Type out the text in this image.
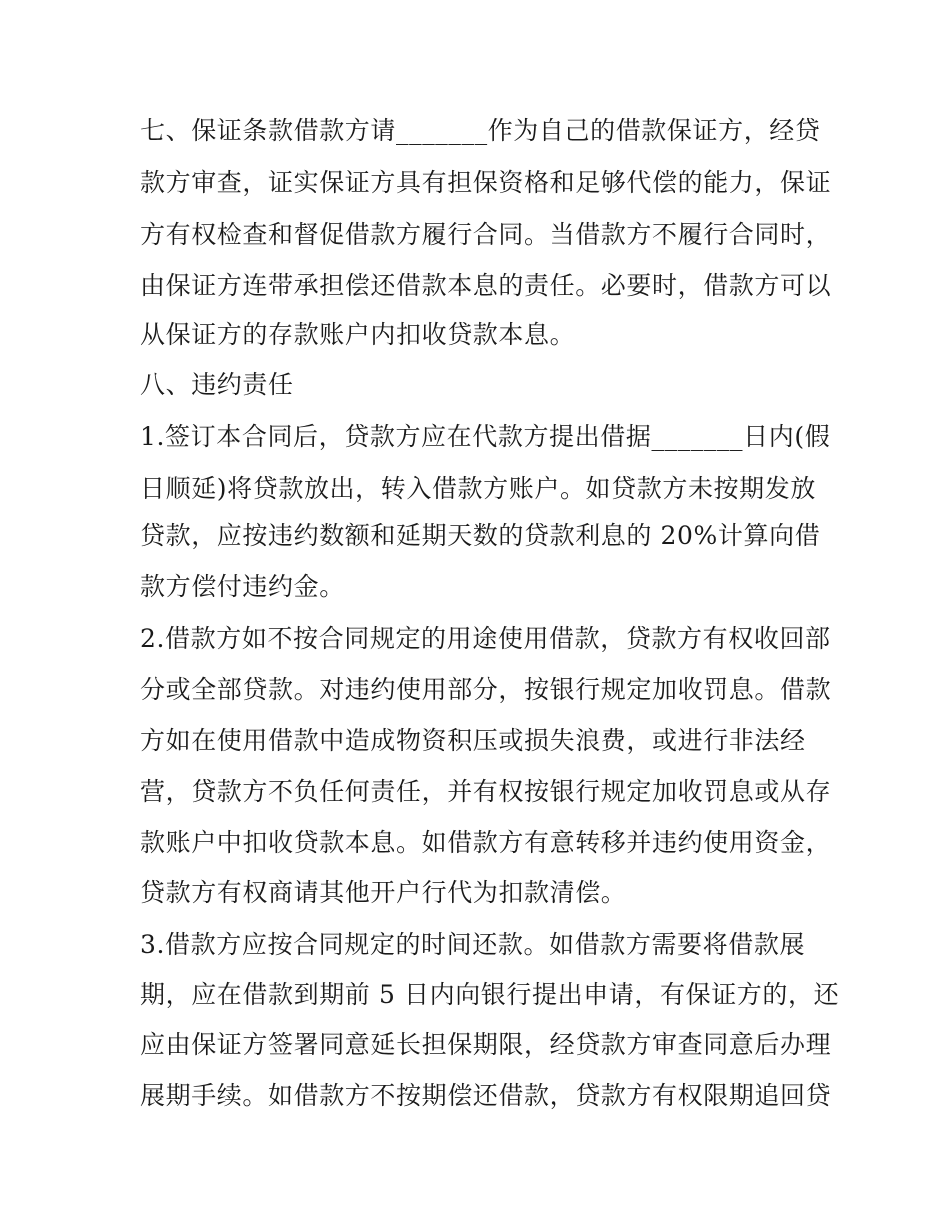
七、保证条款借款方请_______作为自己的借款保证方，经贷
款方审查，证实保证方具有担保资格和足够代偿的能力，保证
方有权检查和督促借款方履行合同。当借款方不履行合同时，
由保证方连带承担偿还借款本息的责任。必要时，借款方可以
从保证方的存款账户内扣收贷款本息。
八、违约责任
1.签订本合同后，贷款方应在代款方提出借据_______日内(假
日顺延)将贷款放出，转入借款方账户。如贷款方未按期发放
贷款，应按违约数额和延期天数的贷款利息的 20%计算向借
款方偿付违约金。
2.借款方如不按合同规定的用途使用借款，贷款方有权收回部
分或全部贷款。对违约使用部分，按银行规定加收罚息。借款
方如在使用借款中造成物资积压或损失浪费，或进行非法经
营，贷款方不负任何责任，并有权按银行规定加收罚息或从存
款账户中扣收贷款本息。如借款方有意转移并违约使用资金，
贷款方有权商请其他开户行代为扣款清偿。
3.借款方应按合同规定的时间还款。如借款方需要将借款展
期，应在借款到期前 5 日内向银行提出申请，有保证方的，还
应由保证方签署同意延长担保期限，经贷款方审查同意后办理
展期手续。如借款方不按期偿还借款，贷款方有权限期追回贷
